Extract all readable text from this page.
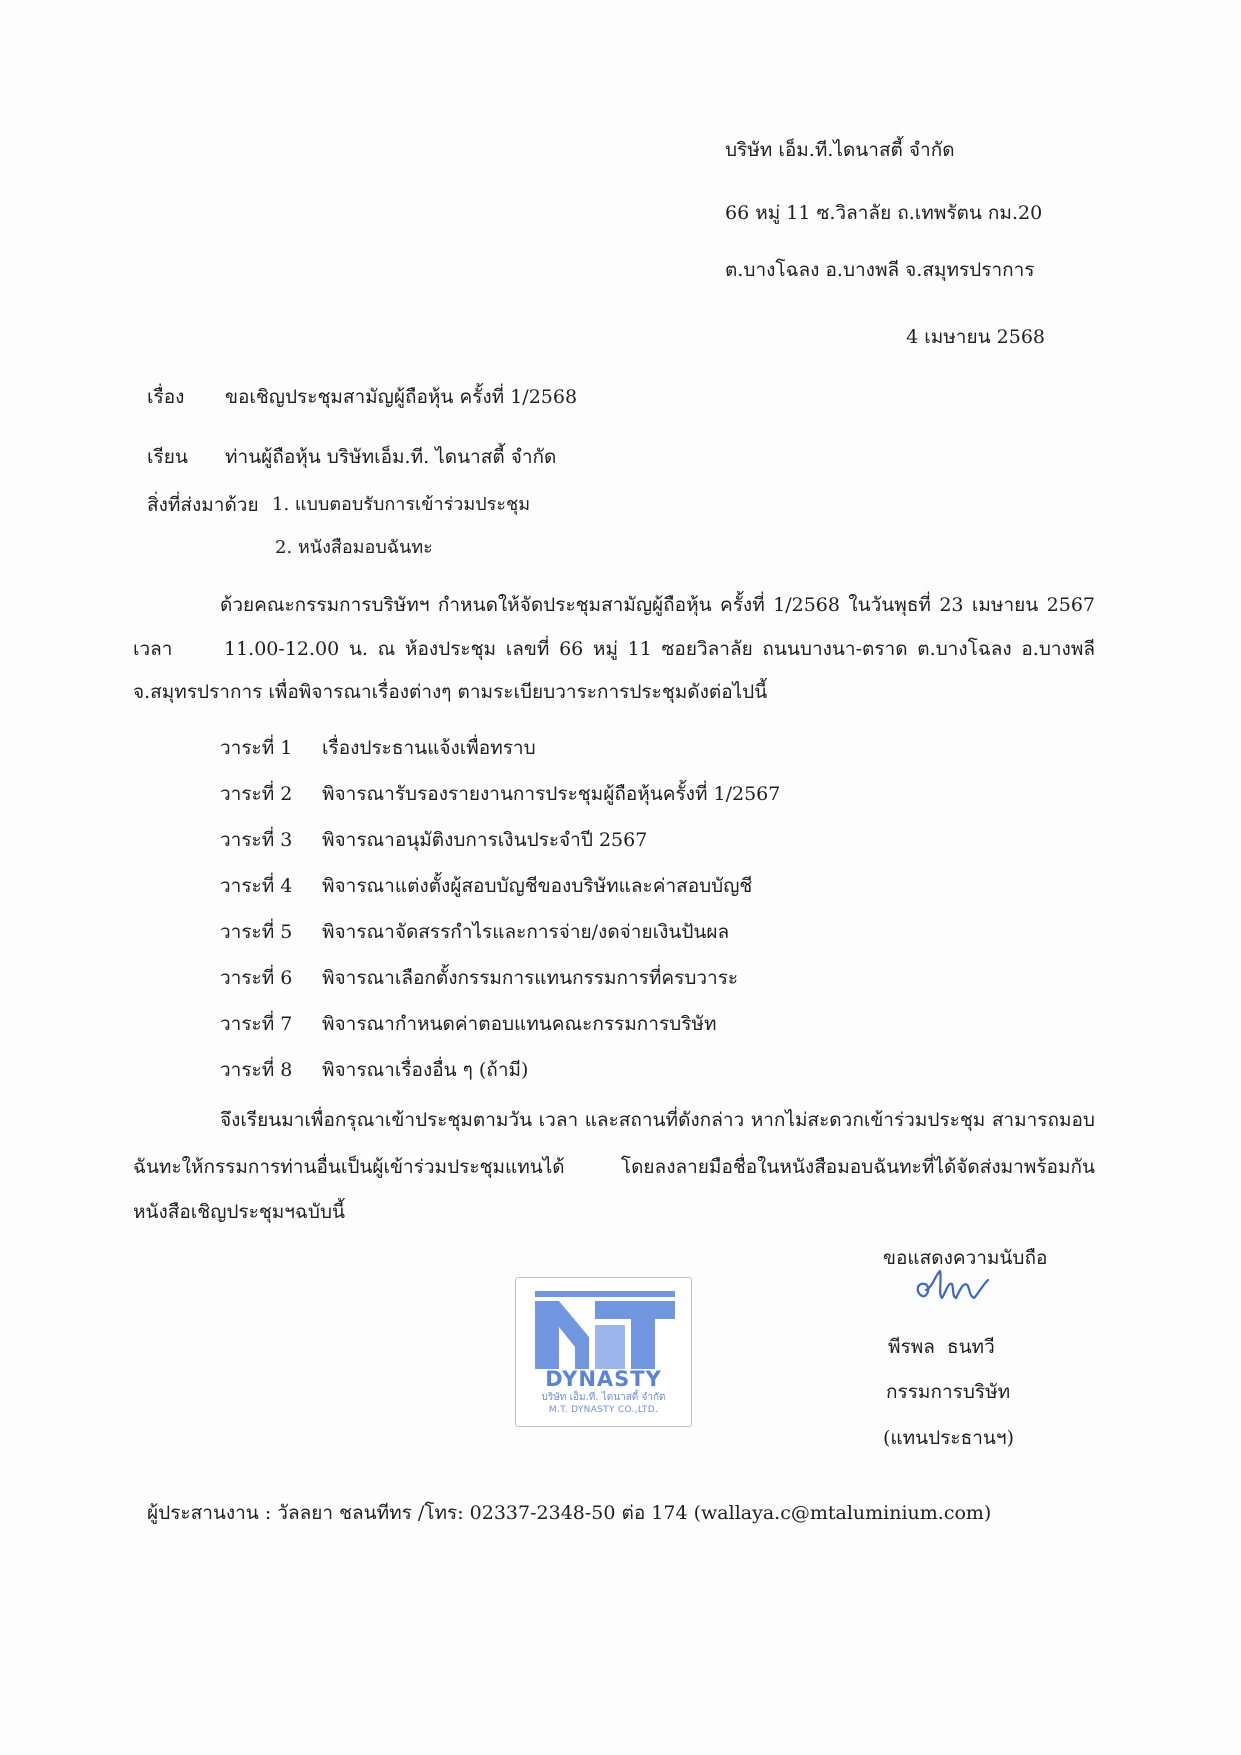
บริษัท เอ็ม.ที.ไดนาสตี้ จำกัด
66 หมู่ 11 ซ.วิลาลัย ถ.เทพรัตน กม.20
ต.บางโฉลง อ.บางพลี จ.สมุทรปราการ
4 เมษายน 2568
เรื่อง ขอเชิญประชุมสามัญผู้ถือหุ้น ครั้งที่ 1/2568
เรียน ท่านผู้ถือหุ้น บริษัทเอ็ม.ที. ไดนาสตี้ จำกัด
สิ่งที่ส่งมาด้วย 1. แบบตอบรับการเข้าร่วมประชุม
2. หนังสือมอบฉันทะ
ด้วยคณะกรรมการบริษัทฯ กำหนดให้จัดประชุมสามัญผู้ถือหุ้น ครั้งที่ 1/2568 ในวันพุธที่ 23 เมษายน 2567
เวลา	11.00-12.00 น. ณ ห้องประชุม เลขที่ 66 หมู่ 11 ซอยวิลาลัย ถนนบางนา-ตราด ต.บางโฉลง อ.บางพลี
จ.สมุทรปราการ เพื่อพิจารณาเรื่องต่างๆ ตามระเบียบวาระการประชุมดังต่อไปนี้
วาระที่ 1 เรื่องประธานแจ้งเพื่อทราบ
วาระที่ 2 พิจารณารับรองรายงานการประชุมผู้ถือหุ้นครั้งที่ 1/2567
วาระที่ 3 พิจารณาอนุมัติงบการเงินประจำปี 2567
วาระที่ 4 พิจารณาแต่งตั้งผู้สอบบัญชีของบริษัทและค่าสอบบัญชี
วาระที่ 5 พิจารณาจัดสรรกำไรและการจ่าย/งดจ่ายเงินปันผล
วาระที่ 6 พิจารณาเลือกตั้งกรรมการแทนกรรมการที่ครบวาระ
วาระที่ 7 พิจารณากำหนดค่าตอบแทนคณะกรรมการบริษัท
วาระที่ 8 พิจารณาเรื่องอื่น ๆ (ถ้ามี)
จึงเรียนมาเพื่อกรุณาเข้าประชุมตามวัน เวลา และสถานที่ดังกล่าว หากไม่สะดวกเข้าร่วมประชุม สามารถมอบ
ฉันทะให้กรรมการท่านอื่นเป็นผู้เข้าร่วมประชุมแทนได้ โดยลงลายมือชื่อในหนังสือมอบฉันทะที่ได้จัดส่งมาพร้อมกัน
หนังสือเชิญประชุมฯฉบับนี้
ขอแสดงความนับถือ
พีรพล  ธนทวี
กรรมการบริษัท
(แทนประธานฯ)
DYNASTY
บริษัท เอ็ม.ที. ไดนาสตี้ จำกัด
M.T. DYNASTY CO.,LTD.
ผู้ประสานงาน : วัลลยา ชลนทีทร /โทร: 02337-2348-50 ต่อ 174 (wallaya.c@mtaluminium.com)
